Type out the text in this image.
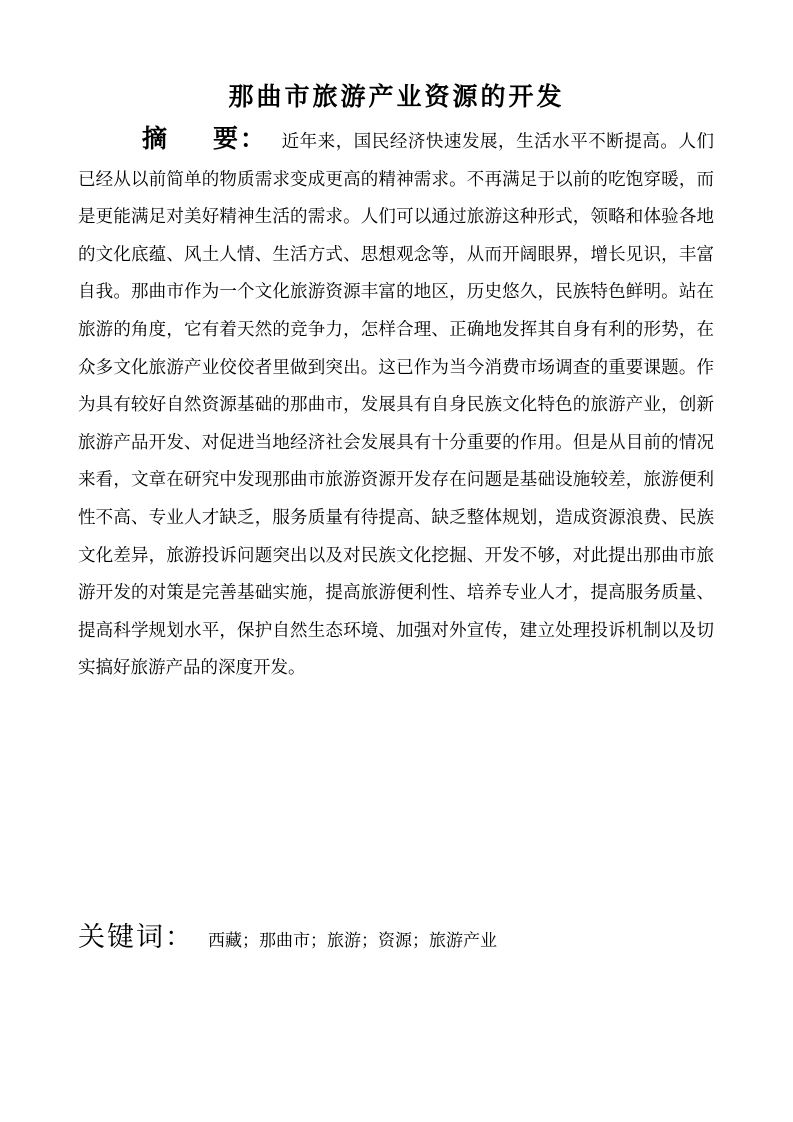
那曲市旅游产业资源的开发

摘 要： 近年来，国民经济快速发展，生活水平不断提高。人们已经从以前简单的物质需求变成更高的精神需求。不再满足于以前的吃饱穿暖，而是更能满足对美好精神生活的需求。人们可以通过旅游这种形式，领略和体验各地的文化底蕴、风土人情、生活方式、思想观念等，从而开阔眼界，增长见识，丰富自我。那曲市作为一个文化旅游资源丰富的地区，历史悠久，民族特色鲜明。站在旅游的角度，它有着天然的竞争力，怎样合理、正确地发挥其自身有利的形势，在众多文化旅游产业佼佼者里做到突出。这已作为当今消费市场调查的重要课题。作为具有较好自然资源基础的那曲市，发展具有自身民族文化特色的旅游产业，创新旅游产品开发、对促进当地经济社会发展具有十分重要的作用。但是从目前的情况来看，文章在研究中发现那曲市旅游资源开发存在问题是基础设施较差，旅游便利性不高、专业人才缺乏，服务质量有待提高、缺乏整体规划，造成资源浪费、民族文化差异，旅游投诉问题突出以及对民族文化挖掘、开发不够，对此提出那曲市旅游开发的对策是完善基础实施，提高旅游便利性、培养专业人才，提高服务质量、提高科学规划水平，保护自然生态环境、加强对外宣传，建立处理投诉机制以及切实搞好旅游产品的深度开发。

关键词： 西藏；那曲市；旅游；资源；旅游产业
